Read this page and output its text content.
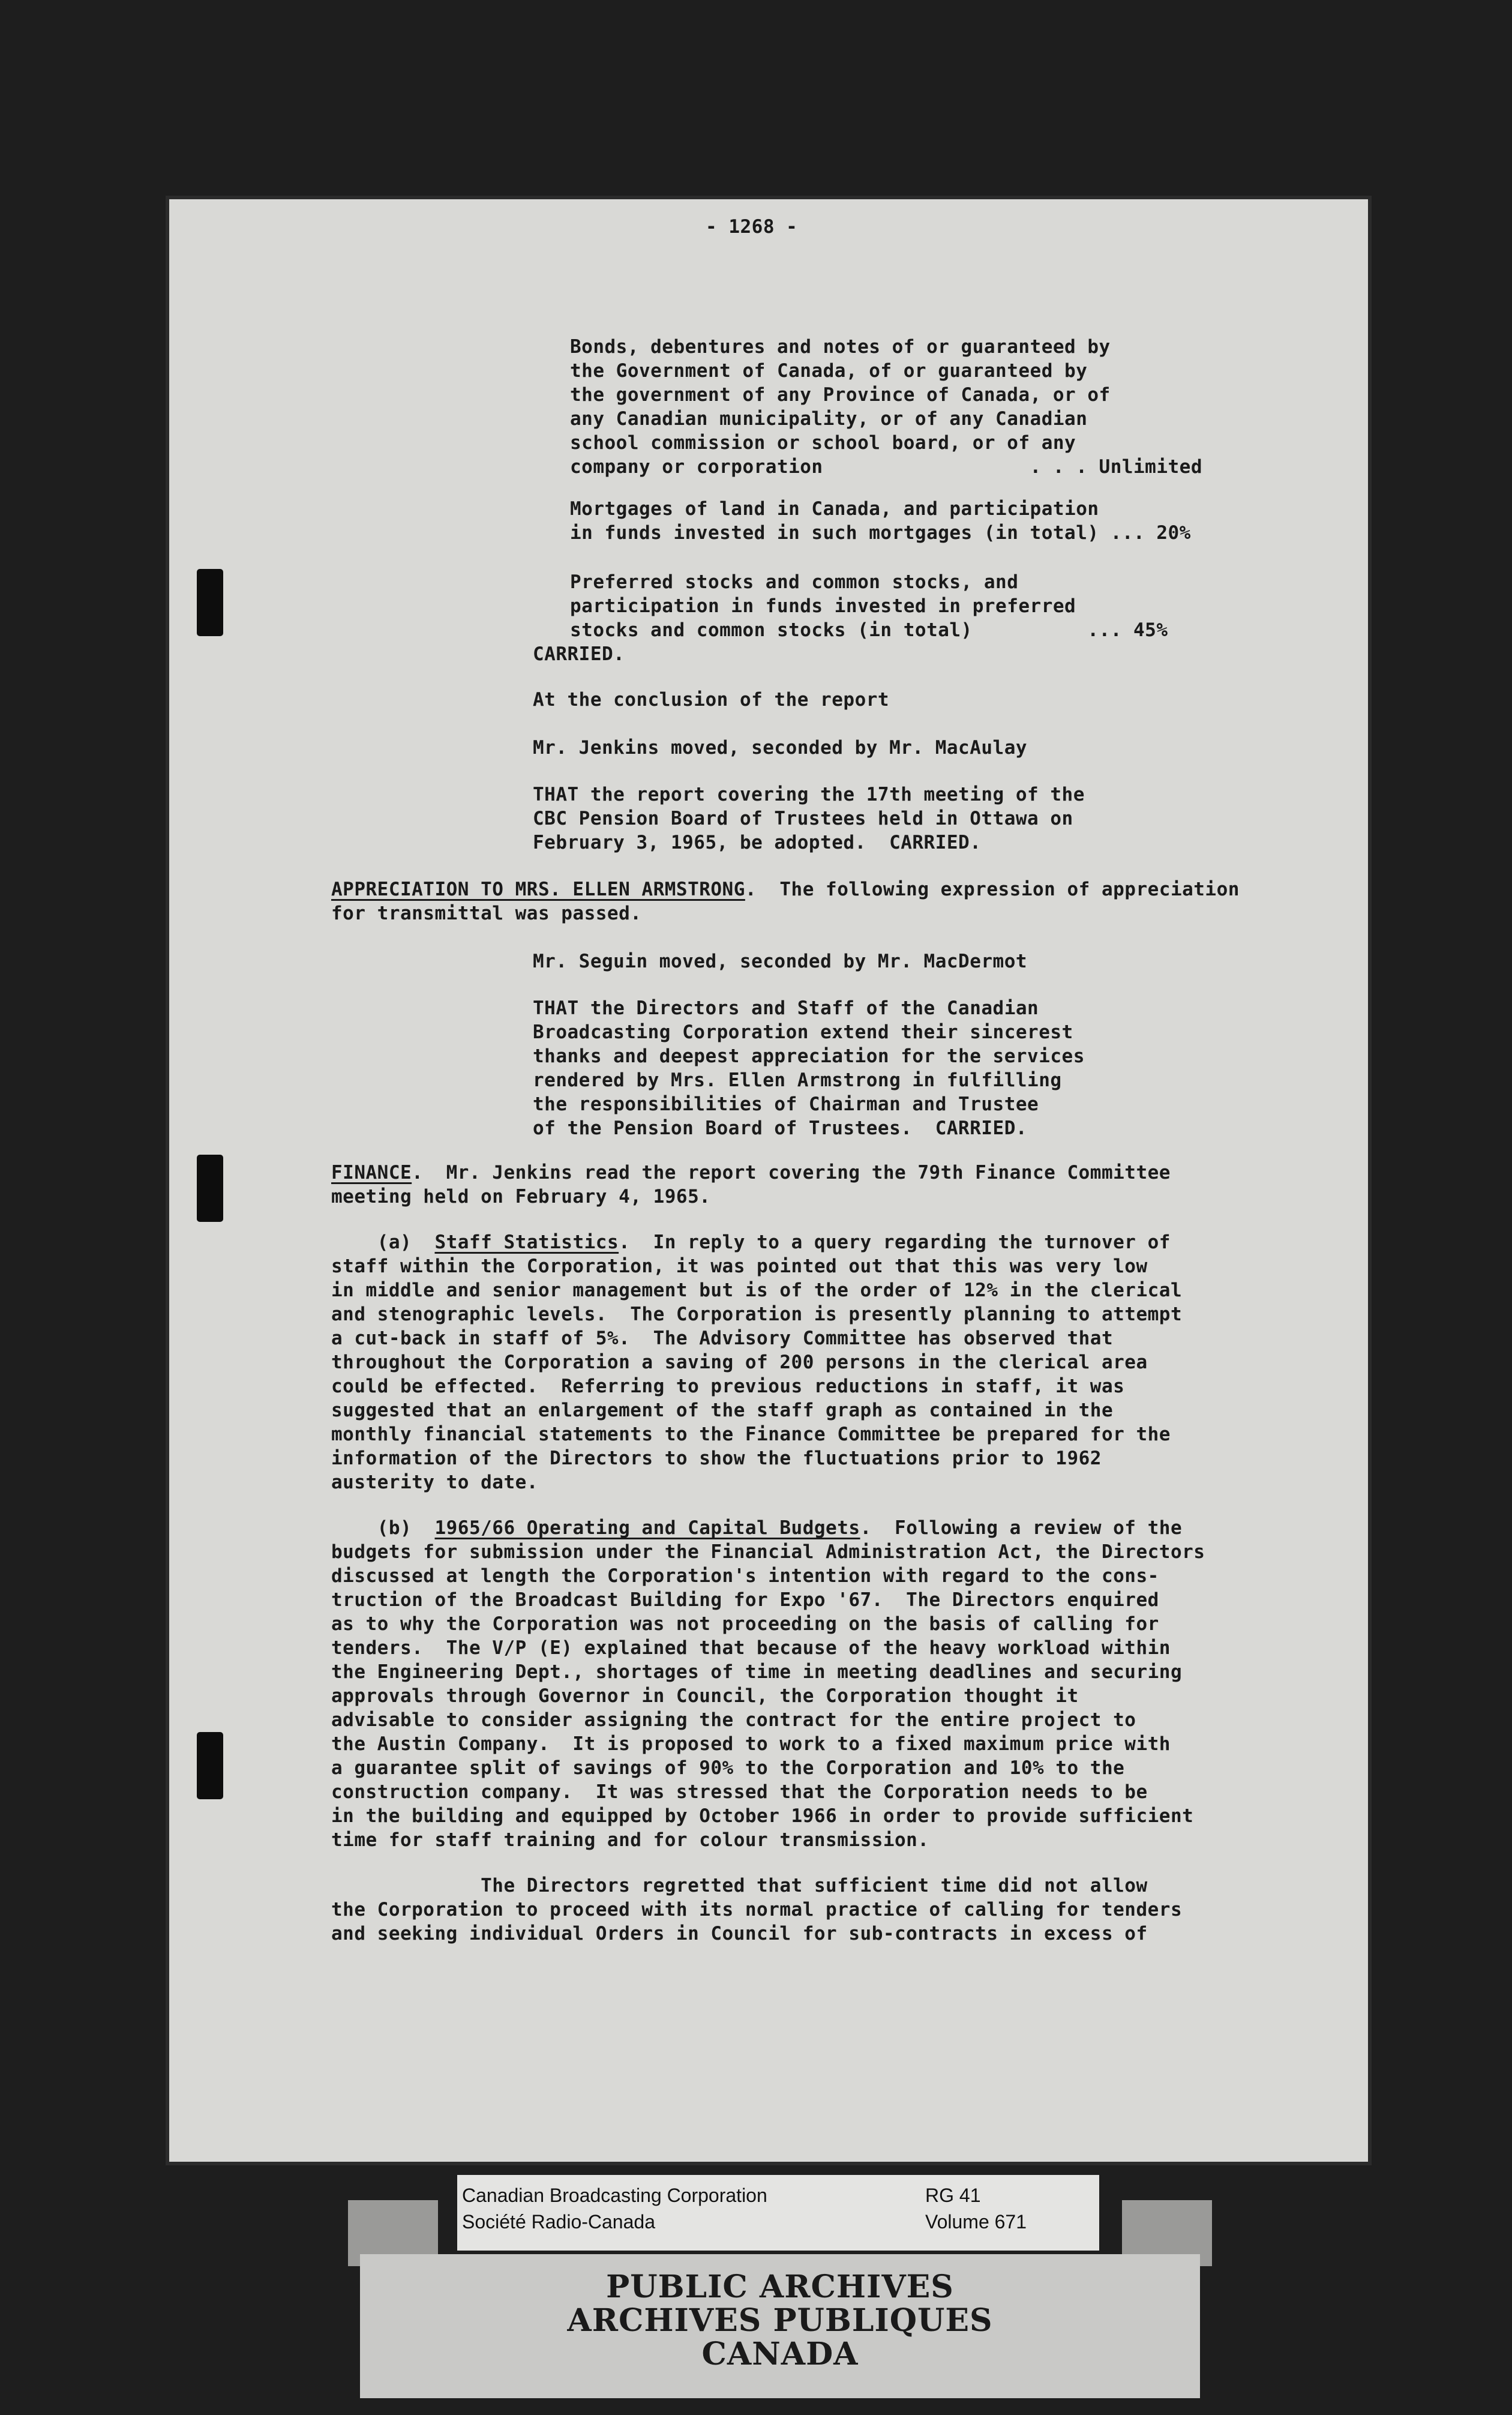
- 1268 -
Bonds, debentures and notes of or guaranteed by
the Government of Canada, of or guaranteed by
the government of any Province of Canada, or of
any Canadian municipality, or of any Canadian
school commission or school board, or of any
company or corporation                  . . . Unlimited
Mortgages of land in Canada, and participation
in funds invested in such mortgages (in total) ... 20%
Preferred stocks and common stocks, and
participation in funds invested in preferred
stocks and common stocks (in total)          ... 45%
CARRIED.
At the conclusion of the report
Mr. Jenkins moved, seconded by Mr. MacAulay
THAT the report covering the 17th meeting of the
CBC Pension Board of Trustees held in Ottawa on
February 3, 1965, be adopted.  CARRIED.
APPRECIATION TO MRS. ELLEN ARMSTRONG.  The following expression of appreciation
for transmittal was passed.
Mr. Seguin moved, seconded by Mr. MacDermot
THAT the Directors and Staff of the Canadian
Broadcasting Corporation extend their sincerest
thanks and deepest appreciation for the services
rendered by Mrs. Ellen Armstrong in fulfilling
the responsibilities of Chairman and Trustee
of the Pension Board of Trustees.  CARRIED.
FINANCE.  Mr. Jenkins read the report covering the 79th Finance Committee
meeting held on February 4, 1965.
(a)  Staff Statistics.  In reply to a query regarding the turnover of
staff within the Corporation, it was pointed out that this was very low
in middle and senior management but is of the order of 12% in the clerical
and stenographic levels.  The Corporation is presently planning to attempt
a cut-back in staff of 5%.  The Advisory Committee has observed that
throughout the Corporation a saving of 200 persons in the clerical area
could be effected.  Referring to previous reductions in staff, it was
suggested that an enlargement of the staff graph as contained in the
monthly financial statements to the Finance Committee be prepared for the
information of the Directors to show the fluctuations prior to 1962
austerity to date.
(b)  1965/66 Operating and Capital Budgets.  Following a review of the
budgets for submission under the Financial Administration Act, the Directors
discussed at length the Corporation's intention with regard to the cons-
truction of the Broadcast Building for Expo '67.  The Directors enquired
as to why the Corporation was not proceeding on the basis of calling for
tenders.  The V/P (E) explained that because of the heavy workload within
the Engineering Dept., shortages of time in meeting deadlines and securing
approvals through Governor in Council, the Corporation thought it
advisable to consider assigning the contract for the entire project to
the Austin Company.  It is proposed to work to a fixed maximum price with
a guarantee split of savings of 90% to the Corporation and 10% to the
construction company.  It was stressed that the Corporation needs to be
in the building and equipped by October 1966 in order to provide sufficient
time for staff training and for colour transmission.
The Directors regretted that sufficient time did not allow
the Corporation to proceed with its normal practice of calling for tenders
and seeking individual Orders in Council for sub-contracts in excess of
Canadian Broadcasting Corporation
Société Radio-Canada
RG 41
Volume 671
PUBLIC ARCHIVES
ARCHIVES PUBLIQUES
CANADA
